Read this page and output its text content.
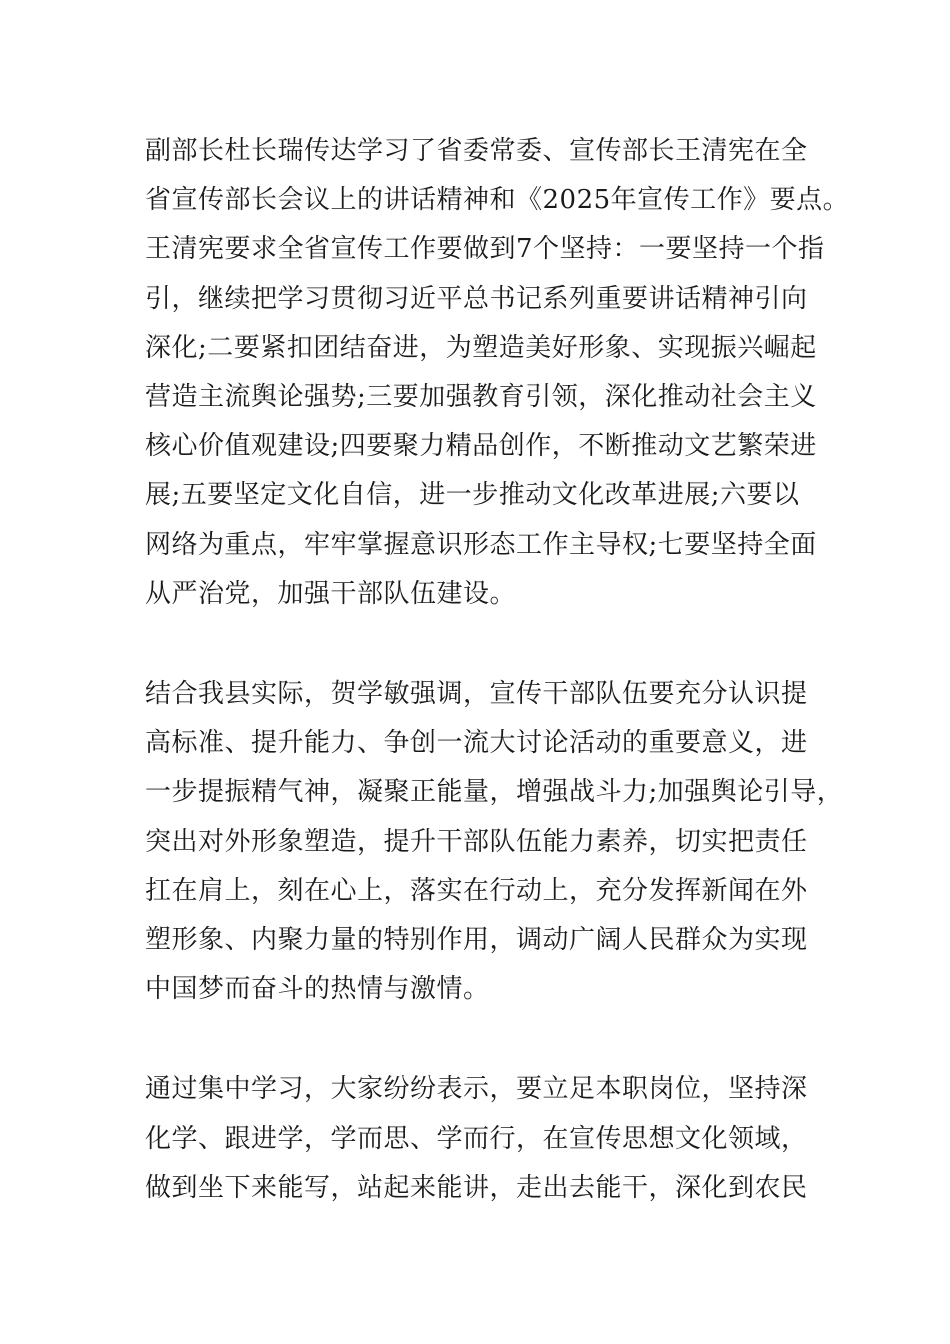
副部长杜长瑞传达学习了省委常委、宣传部长王清宪在全
省宣传部长会议上的讲话精神和《2025年宣传工作》要点。
王清宪要求全省宣传工作要做到7个坚持：一要坚持一个指
引，继续把学习贯彻习近平总书记系列重要讲话精神引向
深化;二要紧扣团结奋进，为塑造美好形象、实现振兴崛起
营造主流舆论强势;三要加强教育引领，深化推动社会主义
核心价值观建设;四要聚力精品创作，不断推动文艺繁荣进
展;五要坚定文化自信，进一步推动文化改革进展;六要以
网络为重点，牢牢掌握意识形态工作主导权;七要坚持全面
从严治党，加强干部队伍建设。
结合我县实际，贺学敏强调，宣传干部队伍要充分认识提
高标准、提升能力、争创一流大讨论活动的重要意义，进
一步提振精气神，凝聚正能量，增强战斗力;加强舆论引导，
突出对外形象塑造，提升干部队伍能力素养，切实把责任
扛在肩上，刻在心上，落实在行动上，充分发挥新闻在外
塑形象、内聚力量的特别作用，调动广阔人民群众为实现
中国梦而奋斗的热情与激情。
通过集中学习，大家纷纷表示，要立足本职岗位，坚持深
化学、跟进学，学而思、学而行，在宣传思想文化领域，
做到坐下来能写，站起来能讲，走出去能干，深化到农民
